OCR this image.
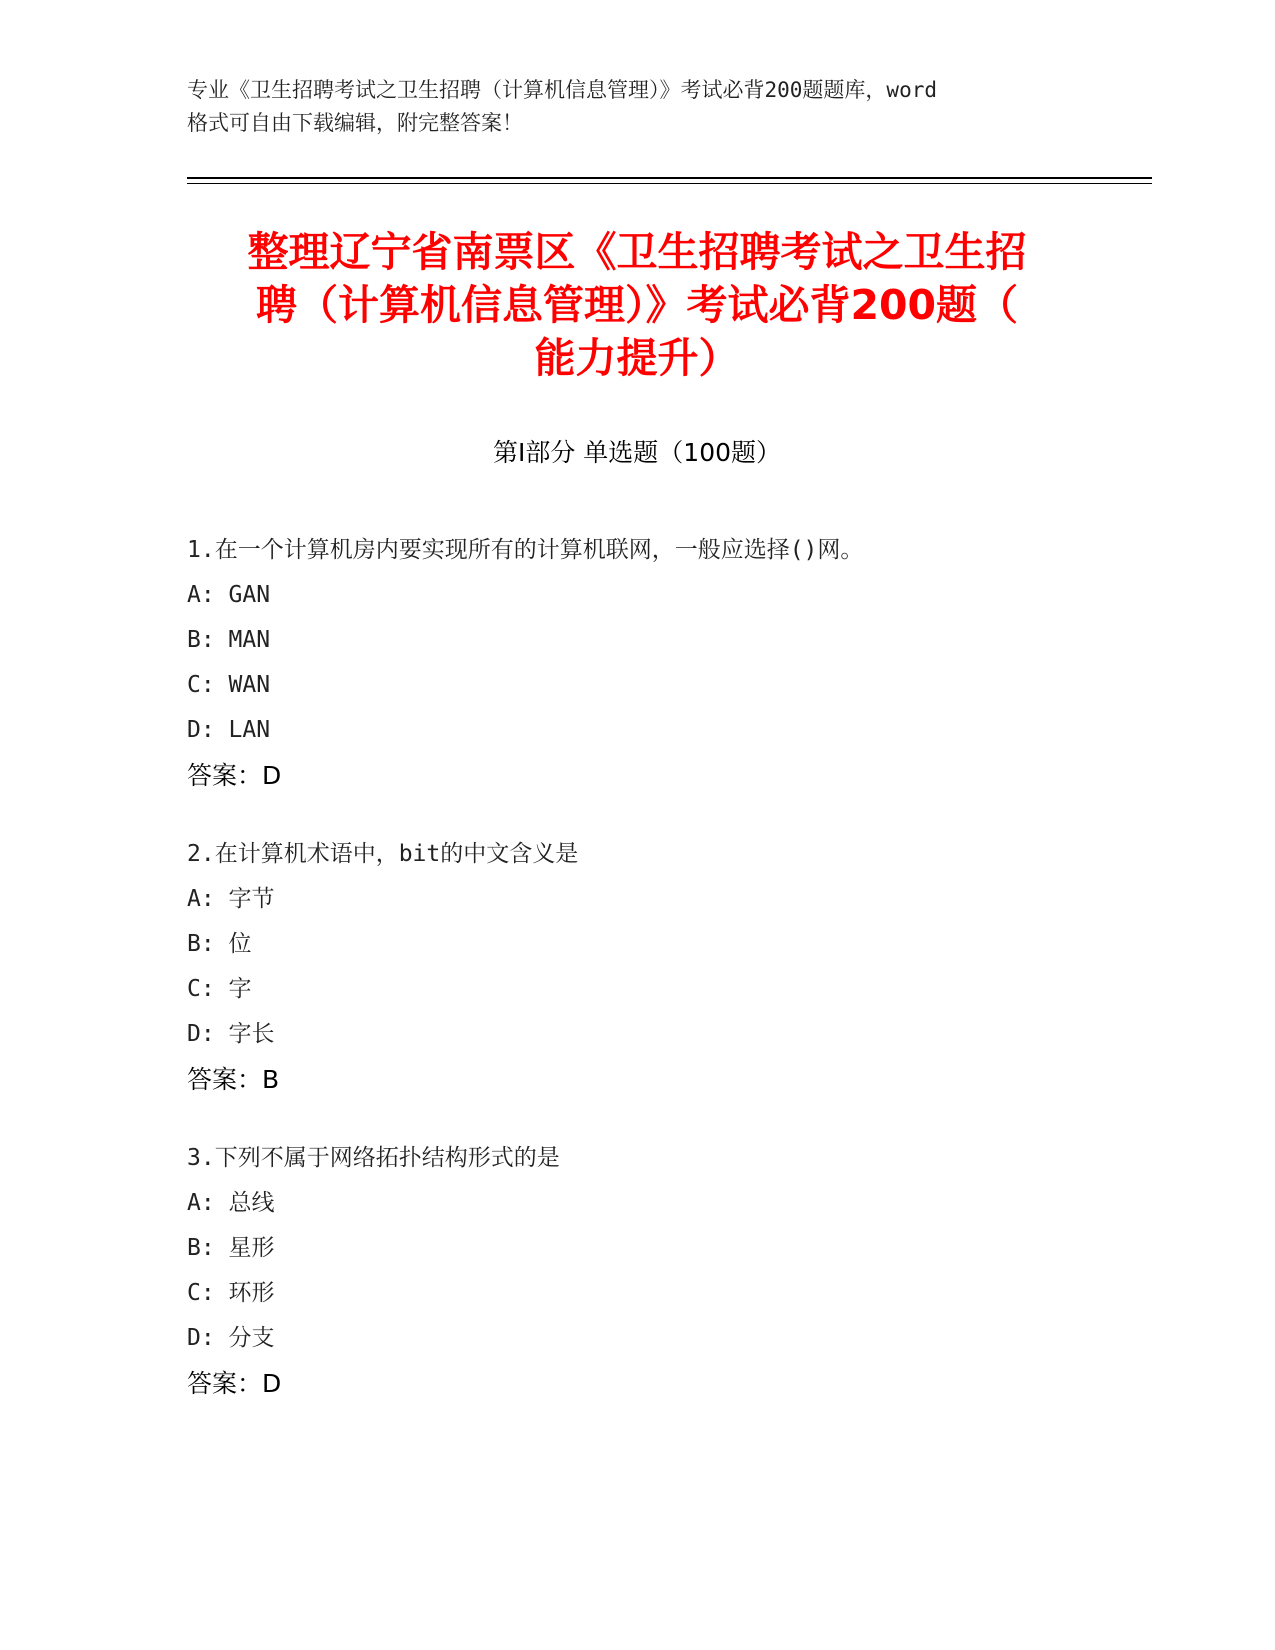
专业《卫生招聘考试之卫生招聘（计算机信息管理）》考试必背200题题库，word
格式可自由下载编辑，附完整答案！
整理辽宁省南票区《卫生招聘考试之卫生招
聘（计算机信息管理）》考试必背200题（
能力提升）
第Ⅰ部分 单选题（100题）
1.在一个计算机房内要实现所有的计算机联网，一般应选择()网。
A: GAN
B: MAN
C: WAN
D: LAN
答案：D
2.在计算机术语中，bit的中文含义是
A: 字节
B: 位
C: 字
D: 字长
答案：B
3.下列不属于网络拓扑结构形式的是
A: 总线
B: 星形
C: 环形
D: 分支
答案：D
